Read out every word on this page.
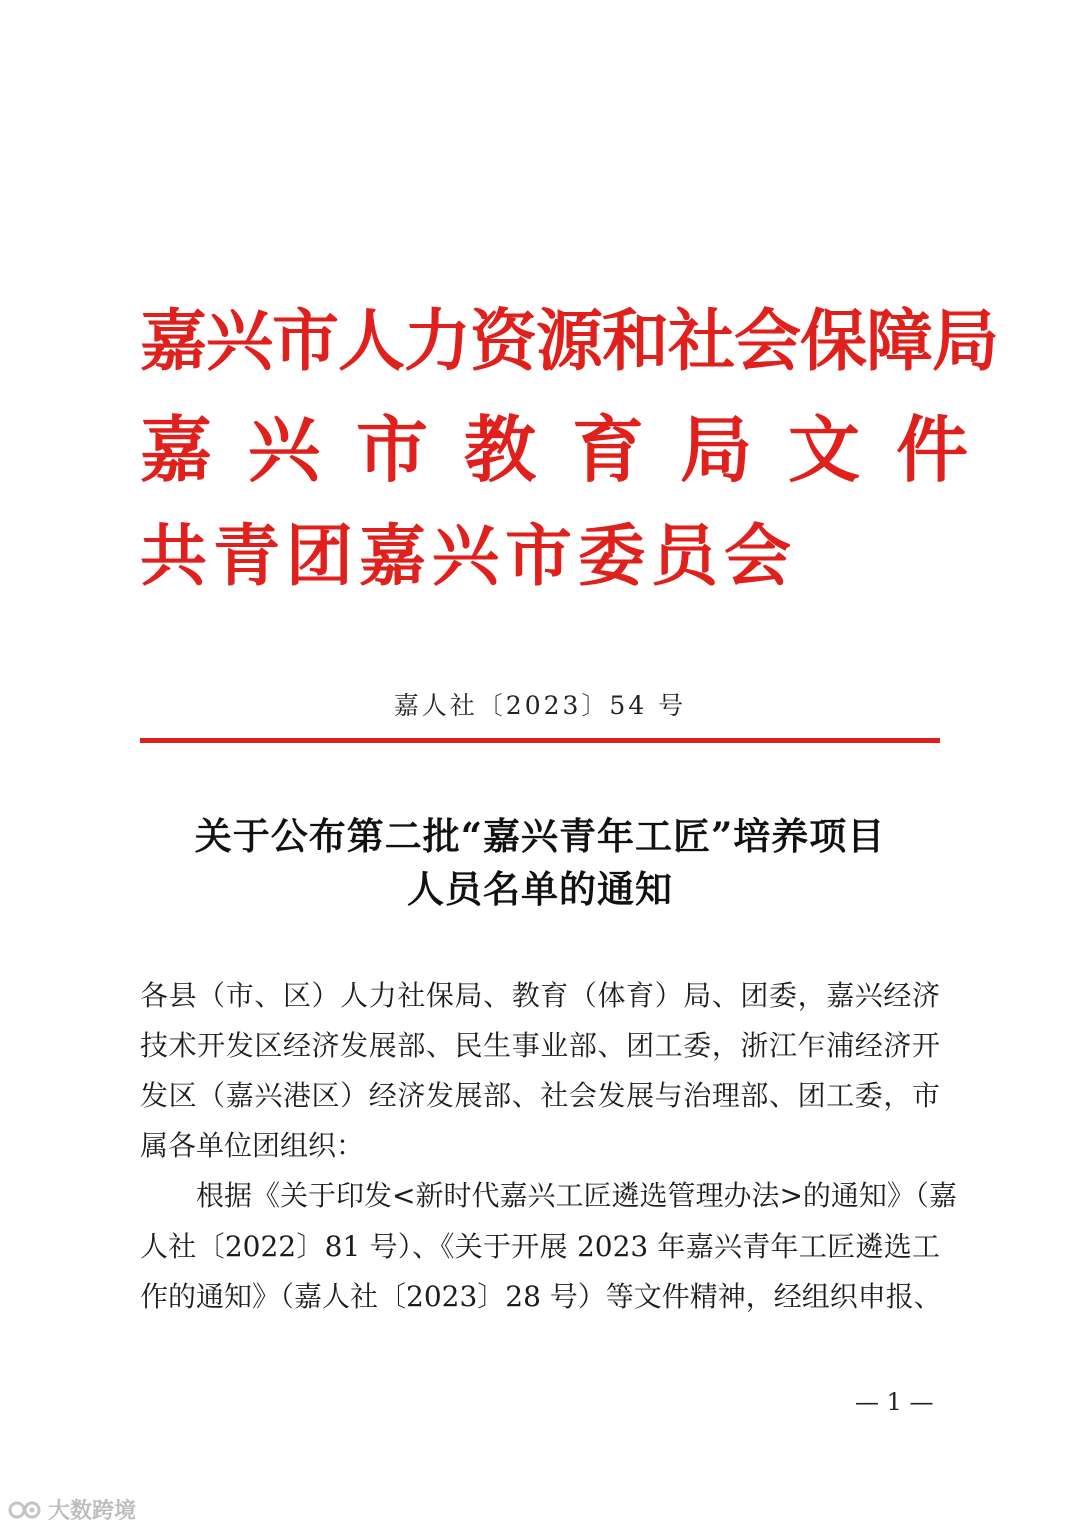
嘉兴市人力资源和社会保障局
嘉兴市教育局文件
共青团嘉兴市委员会
嘉人社〔2023〕54 号
关于公布第二批“嘉兴青年工匠”培养项目
人员名单的通知
各县（市、区）人力社保局、教育（体育）局、团委，嘉兴经济
技术开发区经济发展部、民生事业部、团工委，浙江乍浦经济开
发区（嘉兴港区）经济发展部、社会发展与治理部、团工委，市
属各单位团组织：
根据《关于印发<新时代嘉兴工匠遴选管理办法>的通知》（嘉
人社〔2022〕81 号）、《关于开展 2023 年嘉兴青年工匠遴选工
作的通知》（嘉人社〔2023〕28 号）等文件精神，经组织申报、
— 1 —
大数跨境
